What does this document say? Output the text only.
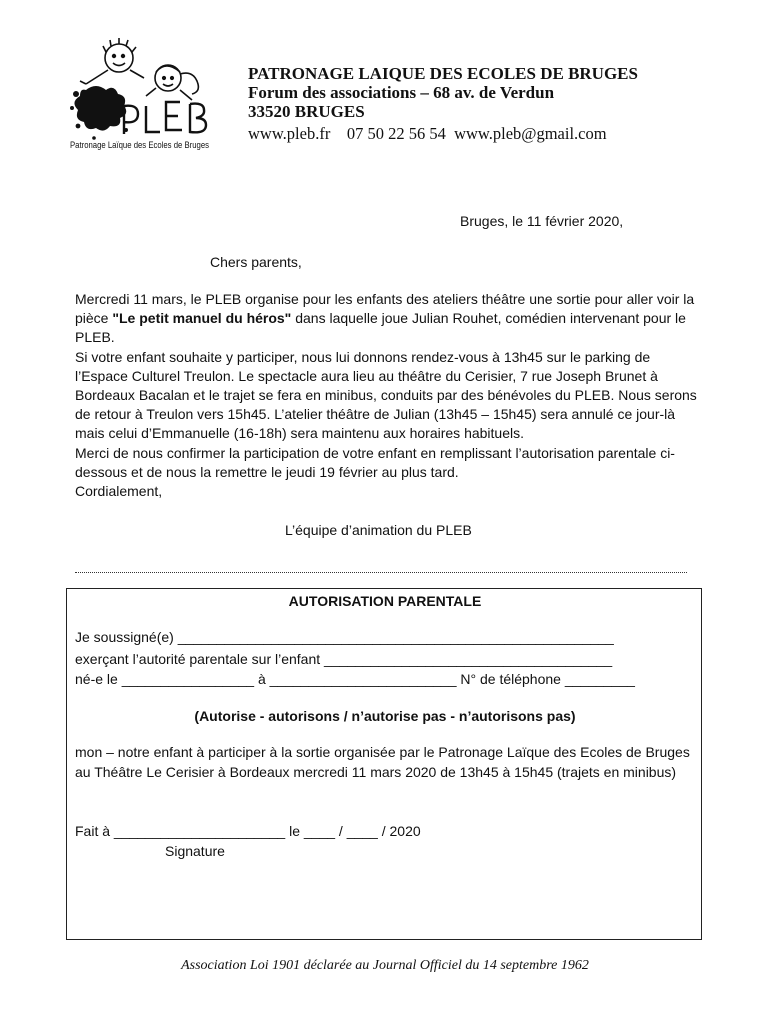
Patronage Laïque des Ecoles de Bruges
PATRONAGE LAIQUE DES ECOLES DE BRUGES
Forum des associations – 68 av. de Verdun
33520 BRUGES
www.pleb.fr    07 50 22 56 54  www.pleb@gmail.com
Bruges, le 11 février 2020,
Chers parents,

Mercredi 11 mars, le PLEB organise pour les enfants des ateliers théâtre une sortie pour aller voir la pièce "Le petit manuel du héros" dans laquelle joue Julian Rouhet, comédien intervenant pour le PLEB.

Si votre enfant souhaite y participer, nous lui donnons rendez-vous à 13h45 sur le parking de l’Espace Culturel Treulon. Le spectacle aura lieu au théâtre du Cerisier, 7 rue Joseph Brunet à Bordeaux Bacalan et le trajet se fera en minibus, conduits par des bénévoles du PLEB. Nous serons de retour à Treulon vers 15h45. L’atelier théâtre de Julian (13h45 – 15h45) sera annulé ce jour-là mais celui d’Emmanuelle (16-18h) sera maintenu aux horaires habituels.

Merci de nous confirmer la participation de votre enfant en remplissant l’autorisation parentale ci-dessous et de nous la remettre le jeudi 19 février au plus tard.

Cordialement,

L’équipe d’animation du PLEB
AUTORISATION PARENTALE
Je soussigné(e) ________________________________________________________
exerçant l’autorité parentale sur l’enfant _____________________________________
né-e le _________________ à ________________________ N° de téléphone _________
(Autorise - autorisons / n’autorise pas - n’autorisons pas)
mon – notre enfant à participer à la sortie organisée par le Patronage Laïque des Ecoles de Bruges au Théâtre Le Cerisier à Bordeaux mercredi 11 mars 2020 de 13h45 à 15h45 (trajets en minibus)
Fait à ______________________ le ____ / ____ / 2020
Signature
Association Loi 1901 déclarée au Journal Officiel du 14 septembre 1962
